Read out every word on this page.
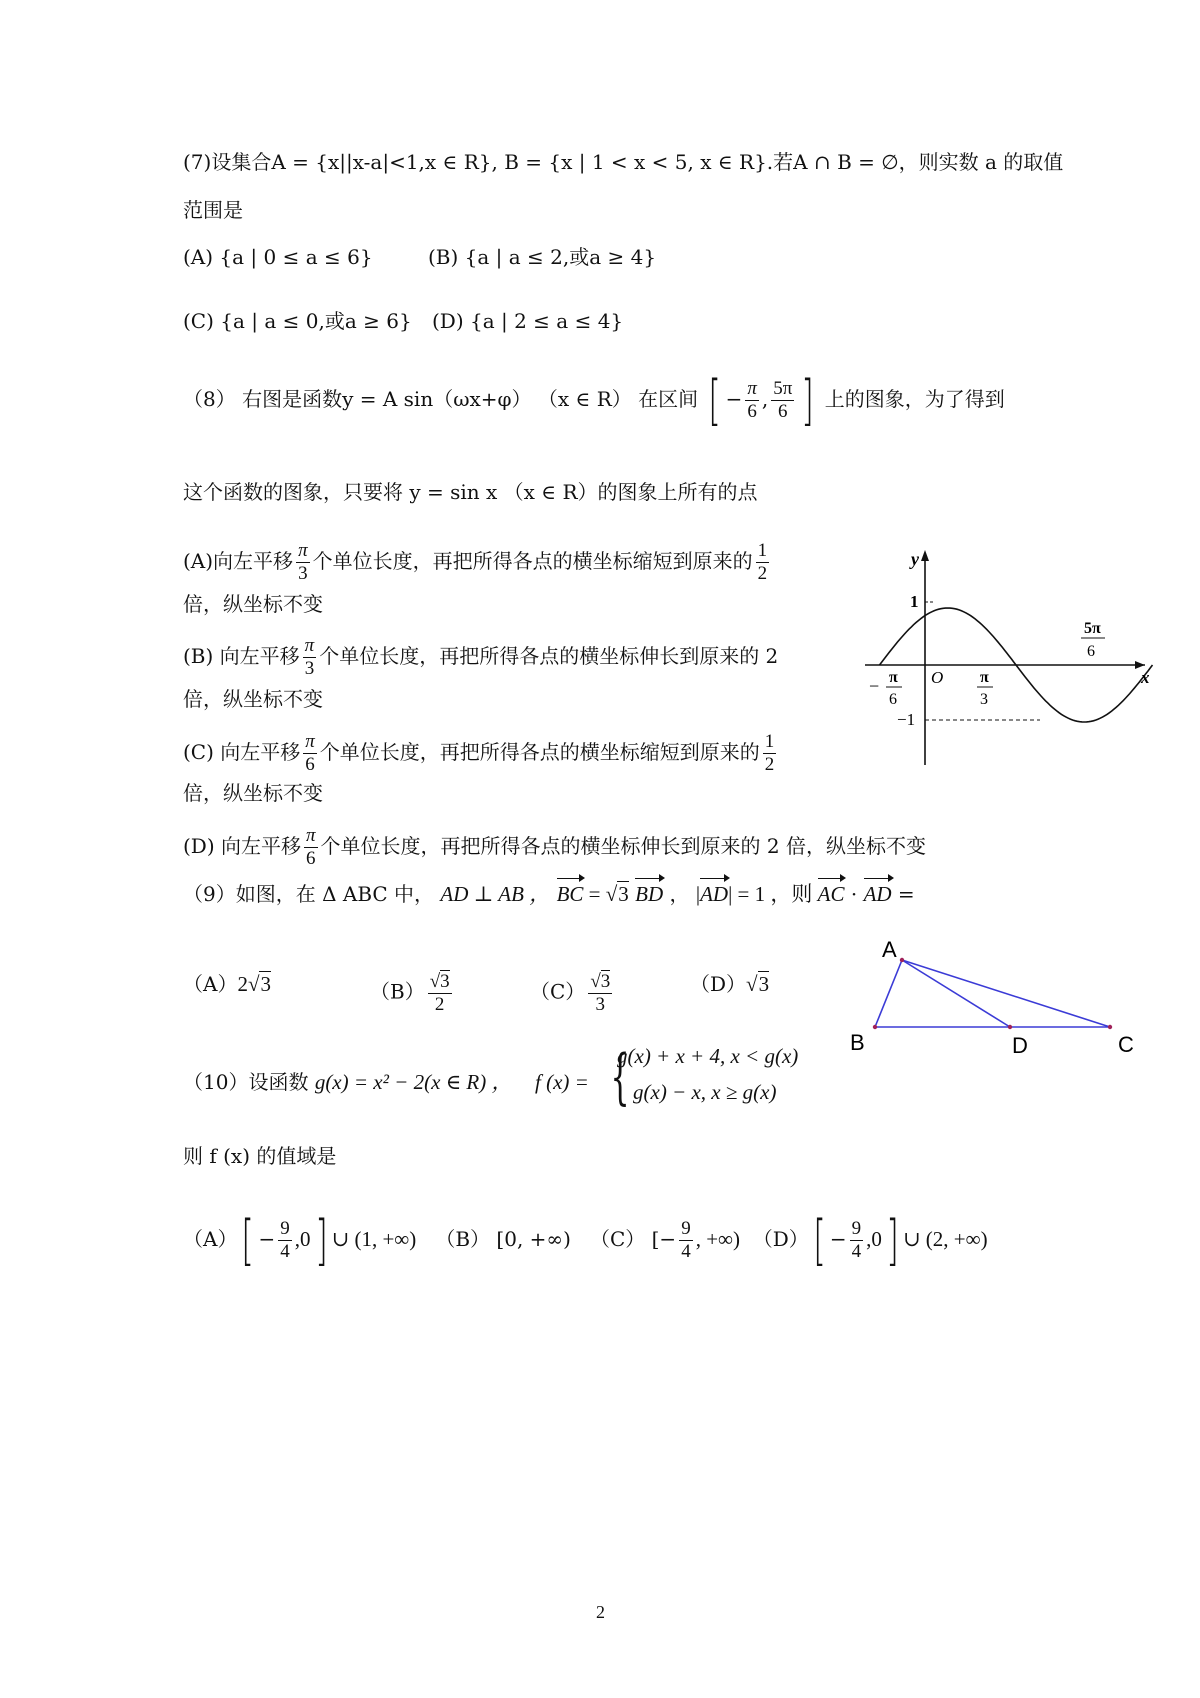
(7)设集合A = {x||x-a|<1,x ∈ R}, B = {x | 1 < x < 5, x ∈ R}.若A ∩ B = ∅，则实数 a 的取值
范围是
(A) {a | 0 ≤ a ≤ 6}	(B) {a | a ≤ 2,或a ≥ 4}
(C) {a | a ≤ 0,或a ≥ 6} (D) {a | 2 ≤ a ≤ 4}
（8） 右图是函数y = A sin（ωx+φ） （x ∈ R） 在区间 [ − $\frac{\pi}{6}$ , $\frac{5\pi}{6}$ ] 上的图象，为了得到
这个函数的图象，只要将 y = sin x （x ∈ R）的图象上所有的点
(A)向左平移 $\frac{\pi}{3}$ 个单位长度，再把所得各点的横坐标缩短到原来的 $\frac{1}{2}$
倍，纵坐标不变
(B) 向左平移 $\frac{\pi}{3}$ 个单位长度，再把所得各点的横坐标伸长到原来的 2
倍，纵坐标不变
(C) 向左平移 $\frac{\pi}{6}$ 个单位长度，再把所得各点的横坐标缩短到原来的 $\frac{1}{2}$
倍，纵坐标不变
(D) 向左平移 $\frac{\pi}{6}$ 个单位长度，再把所得各点的横坐标伸长到原来的 2 倍，纵坐标不变
y
x
O
1
−1
− π
6
π
3
5π
6
（9）如图，在 Δ ABC 中， AD ⊥ AB ， BC = √3 BD ， |AD| = 1 ，则 AC · AD =
（A）2√3	$(B) \frac{√3}{2}$	$(C) \frac{√3}{3}$	（D）√3
A
B	D	C
（10）设函数 g(x) = x² − 2(x ∈ R) ， f (x) = {
g(x) + x + 4, x < g(x)
g(x) − x, x ≥ g(x)
则 f (x) 的值域是
$(A)[ - \frac{9}{4} ,0]$ ∪ (1, +∞) （B） [0, +∞) （C） [− $\frac{9}{4}$ , +∞) $(D)[ - \frac{9}{4} ,0]$ ∪ (2, +∞)
2
